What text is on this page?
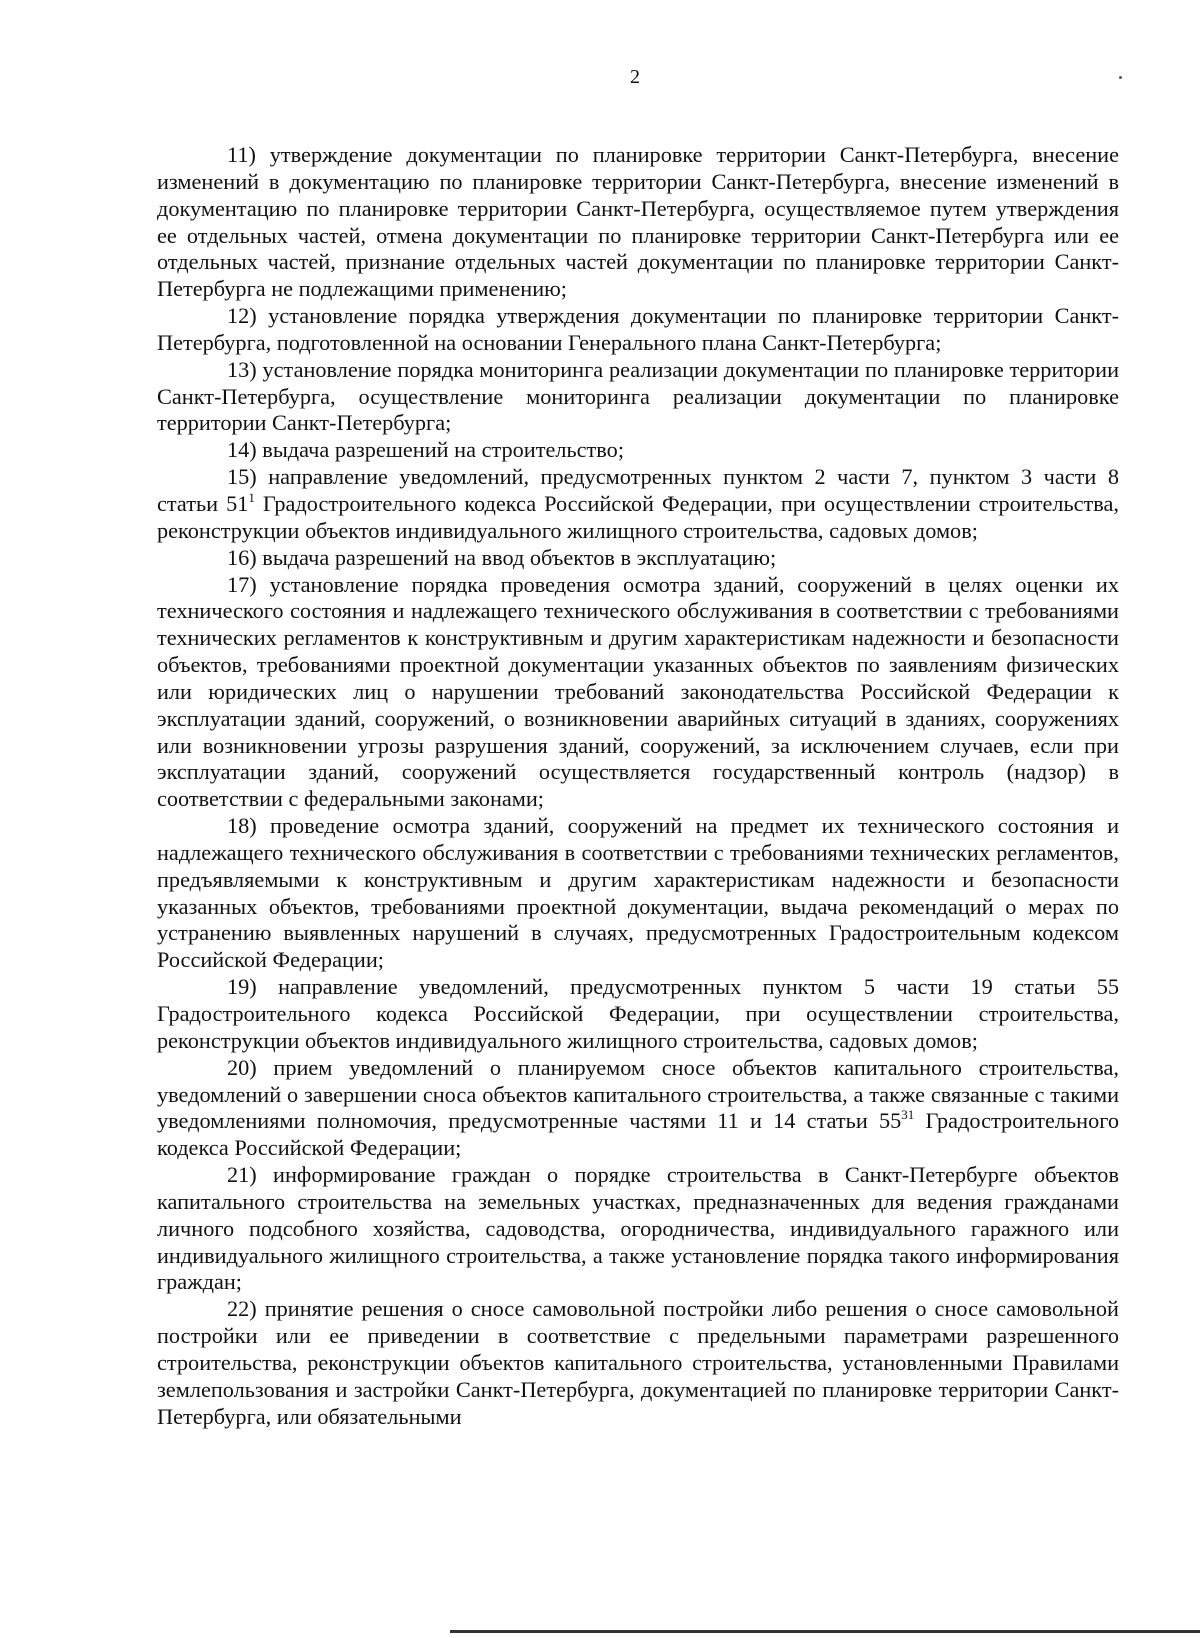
2

11) утверждение документации по планировке территории Санкт-Петербурга, внесение изменений в документацию по планировке территории Санкт-Петербурга, внесение изменений в документацию по планировке территории Санкт-Петербурга, осуществляемое путем утверждения ее отдельных частей, отмена документации по планировке территории Санкт-Петербурга или ее отдельных частей, признание отдельных частей документации по планировке территории Санкт-Петербурга не подлежащими применению;

12) установление порядка утверждения документации по планировке территории Санкт-Петербурга, подготовленной на основании Генерального плана Санкт-Петербурга;

13) установление порядка мониторинга реализации документации по планировке территории Санкт-Петербурга, осуществление мониторинга реализации документации по планировке территории Санкт-Петербурга;

14) выдача разрешений на строительство;

15) направление уведомлений, предусмотренных пунктом 2 части 7, пунктом 3 части 8 статьи $51^1$ Градостроительного кодекса Российской Федерации, при осуществлении строительства, реконструкции объектов индивидуального жилищного строительства, садовых домов;

16) выдача разрешений на ввод объектов в эксплуатацию;

17) установление порядка проведения осмотра зданий, сооружений в целях оценки их технического состояния и надлежащего технического обслуживания в соответствии с требованиями технических регламентов к конструктивным и другим характеристикам надежности и безопасности объектов, требованиями проектной документации указанных объектов по заявлениям физических или юридических лиц о нарушении требований законодательства Российской Федерации к эксплуатации зданий, сооружений, о возникновении аварийных ситуаций в зданиях, сооружениях или возникновении угрозы разрушения зданий, сооружений, за исключением случаев, если при эксплуатации зданий, сооружений осуществляется государственный контроль (надзор) в соответствии с федеральными законами;

18) проведение осмотра зданий, сооружений на предмет их технического состояния и надлежащего технического обслуживания в соответствии с требованиями технических регламентов, предъявляемыми к конструктивным и другим характеристикам надежности и безопасности указанных объектов, требованиями проектной документации, выдача рекомендаций о мерах по устранению выявленных нарушений в случаях, предусмотренных Градостроительным кодексом Российской Федерации;

19) направление уведомлений, предусмотренных пунктом 5 части 19 статьи 55 Градостроительного кодекса Российской Федерации, при осуществлении строительства, реконструкции объектов индивидуального жилищного строительства, садовых домов;

20) прием уведомлений о планируемом сносе объектов капитального строительства, уведомлений о завершении сноса объектов капитального строительства, а также связанные с такими уведомлениями полномочия, предусмотренные частями 11 и 14 статьи $55^{31}$ Градостроительного кодекса Российской Федерации;

21) информирование граждан о порядке строительства в Санкт-Петербурге объектов капитального строительства на земельных участках, предназначенных для ведения гражданами личного подсобного хозяйства, садоводства, огородничества, индивидуального гаражного или индивидуального жилищного строительства, а также установление порядка такого информирования граждан;

22) принятие решения о сносе самовольной постройки либо решения о сносе самовольной постройки или ее приведении в соответствие с предельными параметрами разрешенного строительства, реконструкции объектов капитального строительства, установленными Правилами землепользования и застройки Санкт-Петербурга, документацией по планировке территории Санкт-Петербурга, или обязательными
